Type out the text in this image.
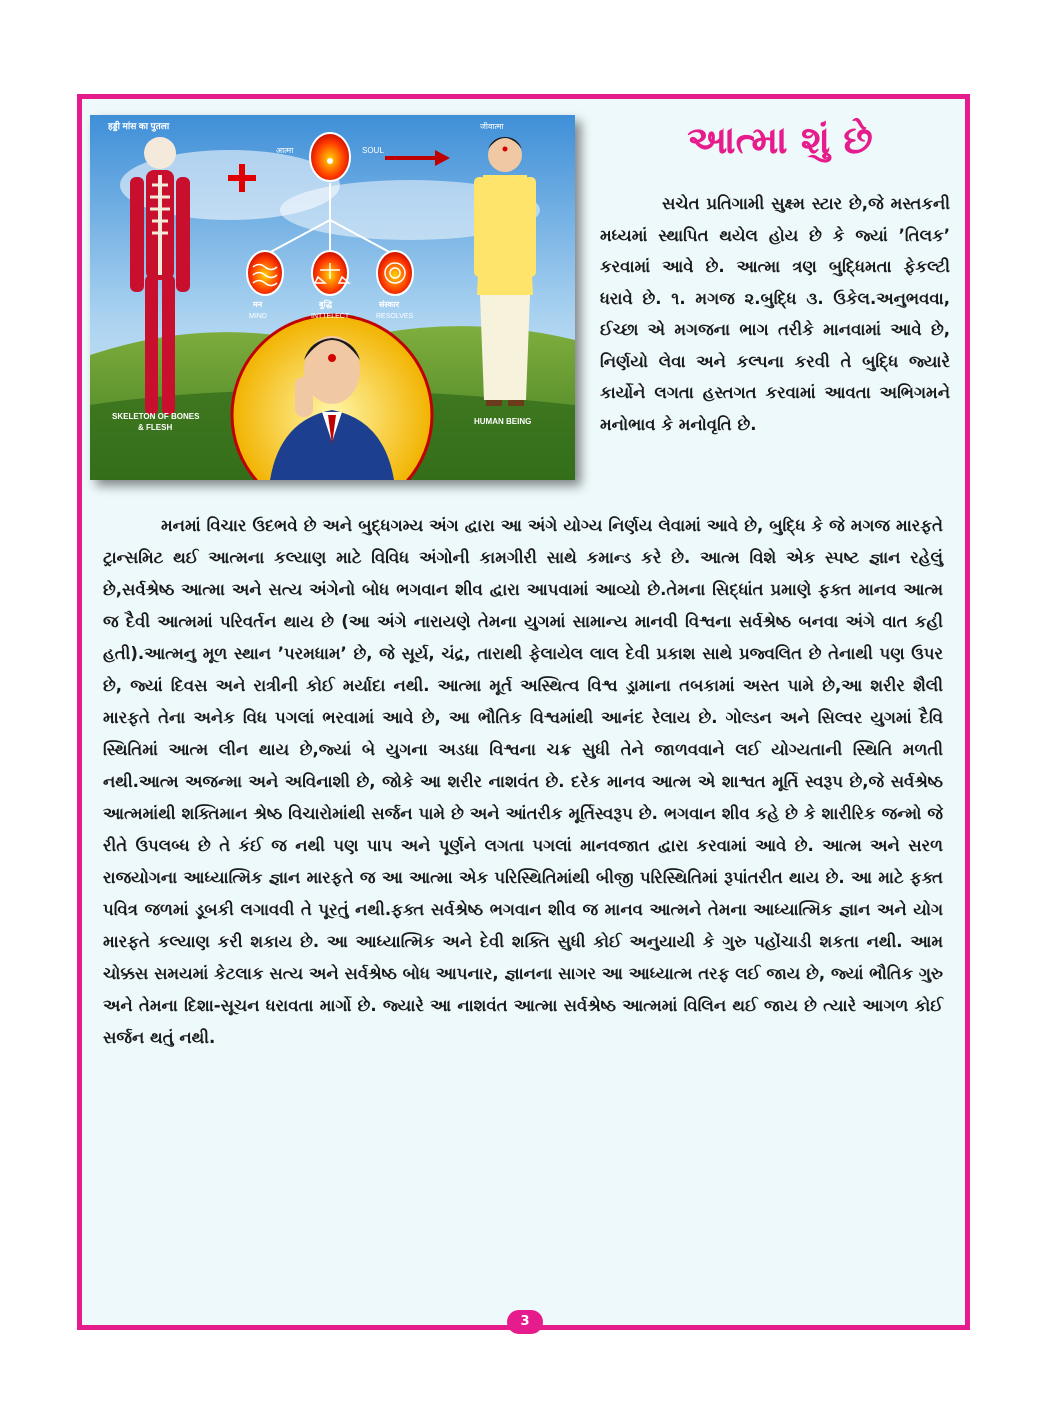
हड्डी मांस का पुतला
आत्मा	SOUL
जीवात्मा
मन
MIND
बुद्धि
INTTELECT
संस्कार
RESOLVES
SKELETON OF BONES
& FLESH
HUMAN BEING
આત્મા શું છે

સચેત પ્રતિગામી સુક્ષ્મ સ્ટાર છે,જે મસ્તકની મધ્યમાં સ્થાપિત થયેલ હોય છે કે જ્યાં ’તિલક’ કરવામાં આવે છે. આત્મા ત્રણ બુદ્ધિમતા ફેકલ્ટી ધરાવે છે. ૧. મગજ ૨.બુદ્ધિ ૩. ઉકેલ.અનુભવવા, ઈચ્છા એ મગજના ભાગ તરીકે માનવામાં આવે છે, નિર્ણયો લેવા અને કલ્પના કરવી તે બુદ્ધિ જ્યારે કાર્યોને લગતા હસ્તગત કરવામાં આવતા અભિગમને મનોભાવ કે મનોવૃતિ છે.

મનમાં વિચાર ઉદભવે છે અને બુદ્ધગમ્ય અંગ દ્વારા આ અંગે યોગ્ય નિર્ણય લેવામાં આવે છે, બુદ્ધિ કે જે મગજ મારફતે ટ્રાન્સમિટ થઈ આત્મના કલ્યાણ માટે વિવિધ અંગોની કામગીરી સાથે કમાન્ડ કરે છે. આત્મ વિશે એક સ્પષ્ટ જ્ઞાન રહેલું છે,સર્વશ્રેષ્ઠ આત્મા અને સત્ય અંગેનો બોધ ભગવાન શીવ દ્વારા આપવામાં આવ્યો છે.તેમના સિદ્ધાંત પ્રમાણે ફક્ત માનવ આત્મ જ દૈવી આત્મમાં પરિવર્તન થાય છે (આ અંગે નારાયણે તેમના યુગમાં સામાન્ય માનવી વિશ્વના સર્વશ્રેષ્ઠ બનવા અંગે વાત કહી હતી).આત્મનુ મૂળ સ્થાન ’પરમધામ’ છે, જે સૂર્ય, ચંદ્ર, તારાથી ફેલાયેલ લાલ દેવી પ્રકાશ સાથે પ્રજ્વલિત છે તેનાથી પણ ઉપર છે, જ્યાં દિવસ અને રાત્રીની કોઈ મર્યાદા નથી. આત્મા મૂર્ત અસ્થિત્વ વિશ્વ ડ્રામાના તબકામાં અસ્ત પામે છે,આ શરીર શૈલી મારફતે તેના અનેક વિધ પગલાં ભરવામાં આવે છે, આ ભૌતિક વિશ્વમાંથી આનંદ રેલાય છે. ગોલ્ડન અને સિલ્વર યુગમાં દૈવિ સ્થિતિમાં આત્મ લીન થાય છે,જ્યાં બે યુગના અડધા વિશ્વના ચક્ર સુધી તેને જાળવવાને લઈ યોગ્યતાની સ્થિતિ મળતી નથી.આત્મ અજન્મા અને અવિનાશી છે, જોકે આ શરીર નાશવંત છે. દરેક માનવ આત્મ એ શાશ્વત મૂર્તિ સ્વરૂપ છે,જે સર્વશ્રેષ્ઠ આત્મમાંથી શક્તિમાન શ્રેષ્ઠ વિચારોમાંથી સર્જન પામે છે અને આંતરીક મૂર્તિસ્વરૂપ છે. ભગવાન શીવ કહે છે કે શારીરિક જન્મો જે રીતે ઉપલબ્ધ છે તે કંઈ જ નથી પણ પાપ અને પૂર્ણને લગતા પગલાં માનવજાત દ્વારા કરવામાં આવે છે. આત્મ અને સરળ રાજયોગના આધ્યાત્મિક જ્ઞાન મારફતે જ આ આત્મા એક પરિસ્થિતિમાંથી બીજી પરિસ્થિતિમાં રૂપાંતરીત થાય છે. આ માટે ફક્ત પવિત્ર જળમાં ડૂબકી લગાવવી તે પૂરતું નથી.ફક્ત સર્વશ્રેષ્ઠ ભગવાન શીવ જ માનવ આત્મને તેમના આધ્યાત્મિક જ્ઞાન અને યોગ મારફતે કલ્યાણ કરી શકાય છે. આ આધ્યાત્મિક અને દેવી શક્તિ સુધી કોઈ અનુયાયી કે ગુરુ પહોંચાડી શકતા નથી. આમ ચોક્કસ સમયમાં કેટલાક સત્ય અને સર્વશ્રેષ્ઠ બોધ આપનાર, જ્ઞાનના સાગર આ આધ્યાત્મ તરફ લઈ જાય છે, જ્યાં ભૌતિક ગુરુ અને તેમના દિશા-સૂચન ધરાવતા માર્ગો છે. જ્યારે આ નાશવંત આત્મા સર્વશ્રેષ્ઠ આત્મમાં વિલિન થઈ જાય છે ત્યારે આગળ કોઈ સર્જન થતું નથી.

3
